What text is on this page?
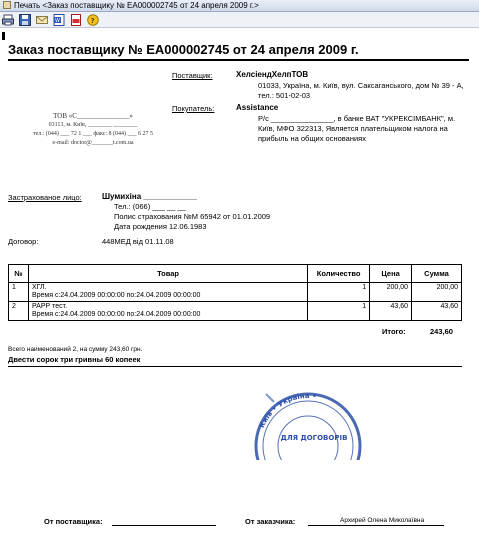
Печать <Заказ поставщику № ЕА000002745 от 24 апреля 2009 г.>
W	?
Заказ поставщику № ЕА000002745 от 24 апреля 2009 г.
Поставщик:	ХелсіендХелпТОВ
01033, Україна, м. Київ, вул. Саксаганського, дом № 39 - А, тел.: 501-02-03
Покупатель:	Assistance
Р/с _______________, в банке ВАТ "УКРЕКСІМБАНК", м. Київ, МФО 322313, Является плательщиком налога на прибыль на общих основаниях
ТОВ «С_______________»
03113, м. Київ, ________ ________
тел.: (044) ___ 72 1 ___ факс: 8 (044) ___ 6 27 5
e-mail: doctor@_______t.com.ua
Застрахованое лицо:	Шумихіна ____________
Тел.: (066) ___ __ __
Полис страхования №М 65942 от 01.01.2009
Дата рождения 12.06.1983
Договор:	448МЕД від 01.11.08
№	Товар	Количество	Цена	Сумма
1	ХГЛ.
Время с:24.04.2009 00:00:00 по:24.04.2009 00:00:00	1	200,00	200,00
2	РАРР тест.
Время с:24.04.2009 00:00:00 по:24.04.2009 00:00:00	1	43,60	43,60
Итого:	243,60
Всего наименований 2, на сумму 243,60 грн.
Двести сорок три гривны 60 копеек
Київ • Україна •
ДЛЯ ДОГОВОРІВ
От поставщика:	От заказчика:	Архирей Олена Миколаївна
